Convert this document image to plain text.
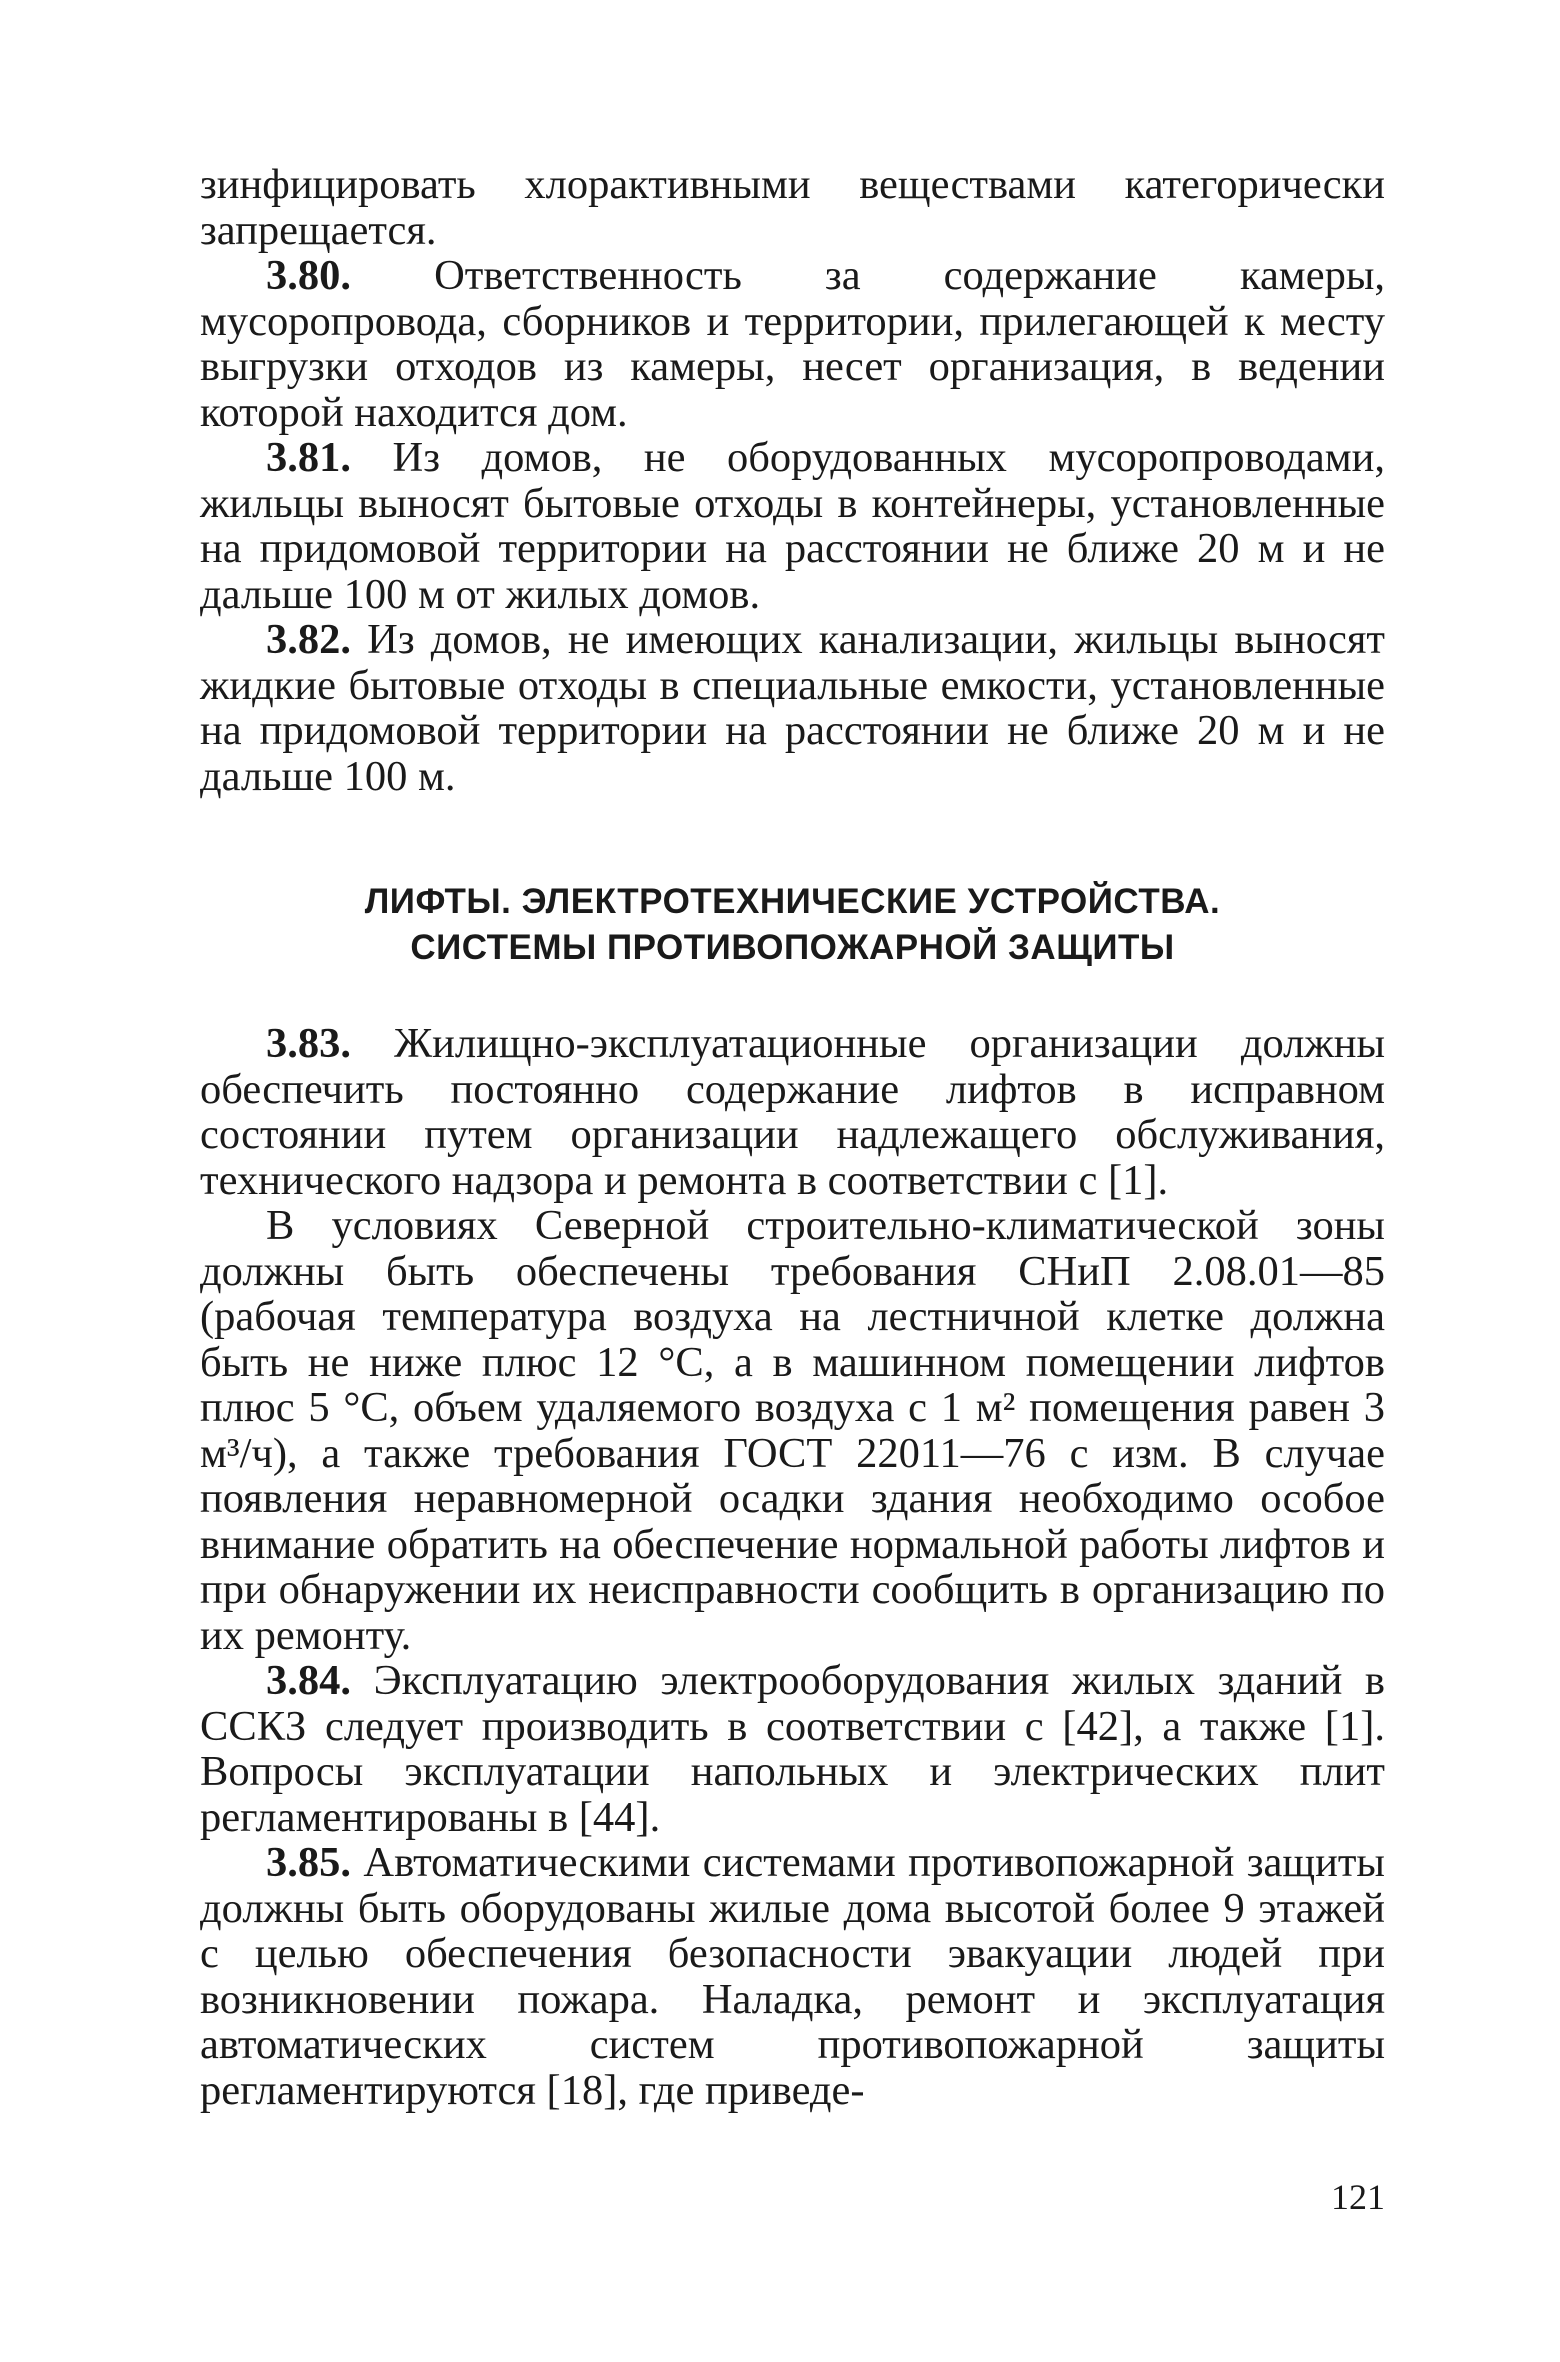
зинфицировать хлорактивными веществами категорически запрещается.

3.80. Ответственность за содержание камеры, мусоропровода, сборников и территории, прилегающей к месту выгрузки отходов из камеры, несет организация, в ведении которой находится дом.

3.81. Из домов, не оборудованных мусоропроводами, жильцы выносят бытовые отходы в контейнеры, установленные на придомовой территории на расстоянии не ближе 20 м и не дальше 100 м от жилых домов.

3.82. Из домов, не имеющих канализации, жильцы выносят жидкие бытовые отходы в специальные емкости, установленные на придомовой территории на расстоянии не ближе 20 м и не дальше 100 м.

ЛИФТЫ. ЭЛЕКТРОТЕХНИЧЕСКИЕ УСТРОЙСТВА.
СИСТЕМЫ ПРОТИВОПОЖАРНОЙ ЗАЩИТЫ

3.83. Жилищно-эксплуатационные организации должны обеспечить постоянно содержание лифтов в исправном состоянии путем организации надлежащего обслуживания, технического надзора и ремонта в соответствии с [1].

В условиях Северной строительно-климатической зоны должны быть обеспечены требования СНиП 2.08.01—85 (рабочая температура воздуха на лестничной клетке должна быть не ниже плюс 12 °С, а в машинном помещении лифтов плюс 5 °С, объем удаляемого воздуха с 1 м² помещения равен 3 м³/ч), а также требования ГОСТ 22011—76 с изм. В случае появления неравномерной осадки здания необходимо особое внимание обратить на обеспечение нормальной работы лифтов и при обнаружении их неисправности сообщить в организацию по их ремонту.

3.84. Эксплуатацию электрооборудования жилых зданий в ССКЗ следует производить в соответствии с [42], а также [1]. Вопросы эксплуатации напольных и электрических плит регламентированы в [44].

3.85. Автоматическими системами противопожарной защиты должны быть оборудованы жилые дома высотой более 9 этажей с целью обеспечения безопасности эвакуации людей при возникновении пожара. Наладка, ремонт и эксплуатация автоматических систем противопожарной защиты регламентируются [18], где приведе-

121
